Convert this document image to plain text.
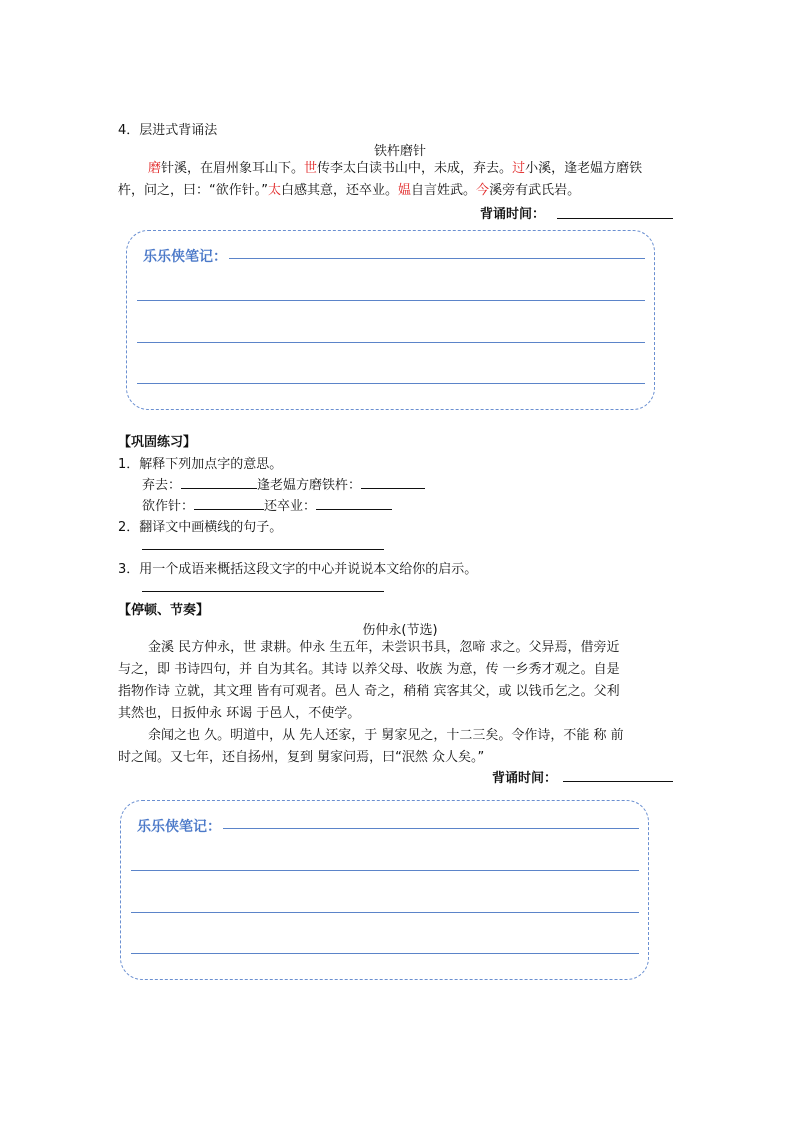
4．层进式背诵法
铁杵磨针
磨针溪，在眉州象耳山下。世传李太白读书山中，未成，弃去。过小溪，逢老媪方磨铁
杵，问之，曰：“欲作针。”太白感其意，还卒业。媪自言姓武。今溪旁有武氏岩。
背诵时间：
乐乐侠笔记：
【巩固练习】
1．解释下列加点字的意思。
弃去：	逢老媪方磨铁杵：
欲作针：	还卒业：
2．翻译文中画横线的句子。
3．用一个成语来概括这段文字的中心并说说本文给你的启示。
【停顿、节奏】
伤仲永(节选)
金溪 民方仲永，世 隶耕。仲永 生五年，未尝识书具，忽啼 求之。父异焉，借旁近
与之，即 书诗四句，并 自为其名。其诗 以养父母、收族 为意，传 一乡秀才观之。自是
指物作诗 立就，其文理 皆有可观者。邑人 奇之，稍稍 宾客其父，或 以钱币乞之。父利
其然也，日扳仲永 环谒 于邑人，不使学。
余闻之也 久。明道中，从 先人还家，于 舅家见之，十二三矣。令作诗，不能 称 前
时之闻。又七年，还自扬州，复到 舅家问焉，曰“泯然 众人矣。”
背诵时间：
乐乐侠笔记：
